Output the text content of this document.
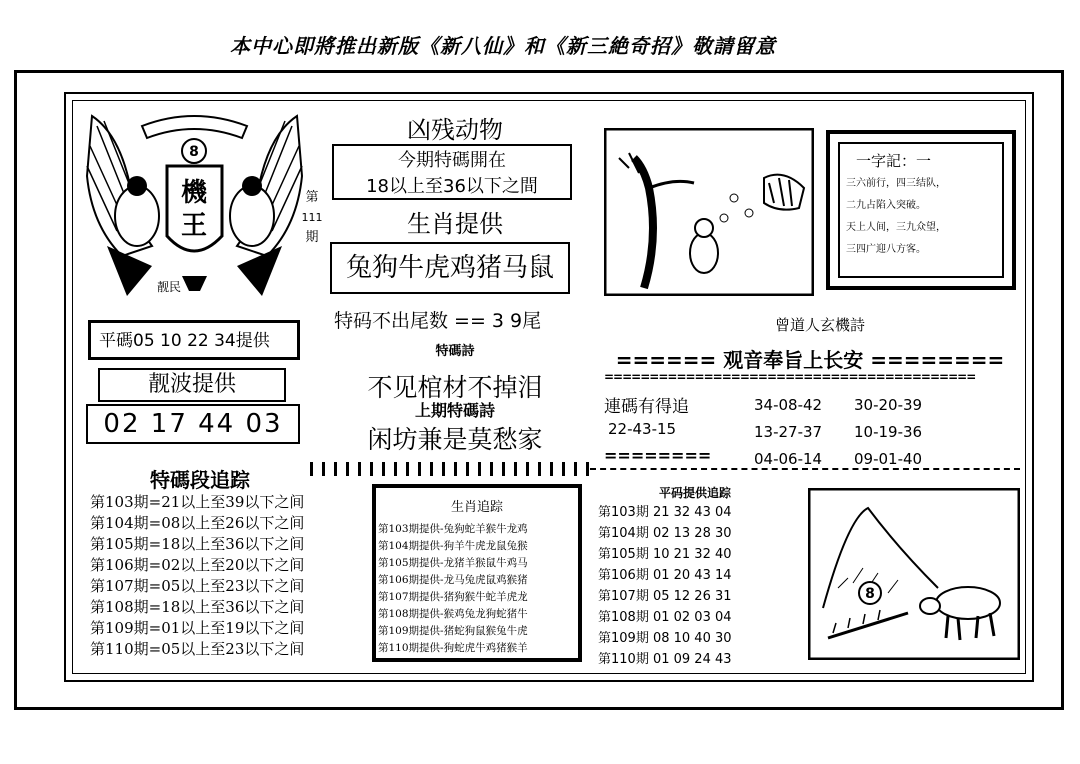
本中心即將推出新版《新八仙》和《新三絶奇招》敬請留意
8
機
王
靓民
第
111
期
平碼05 10 22 34提供
靓波提供
02 17 44 03
凶残动物
今期特碼開在
18以上至36以下之間
生肖提供
兔狗牛虎鸡猪马鼠
特码不出尾数 == 3 9尾
特碼詩
不见棺材不掉泪
上期特碼詩
闲坊兼是莫愁家
一字記：一
三六前行，四三结队，
二九占陷入突破。
天上人间，三九众望，
三四广迎八方客。
曾道人玄機詩
====== 观音奉旨上长安 ========
=========================================
連碼有得追
22-43-15
========
34-08-42 30-20-39
13-27-37 10-19-36
04-06-14 09-01-40
特碼段追踪
第103期=21以上至39以下之间
第104期=08以上至26以下之间
第105期=18以上至36以下之间
第106期=02以上至20以下之间
第107期=05以上至23以下之间
第108期=18以上至36以下之间
第109期=01以上至19以下之间
第110期=05以上至23以下之间
生肖追踪
第103期提供-兔狗蛇羊猴牛龙鸡
第104期提供-狗羊牛虎龙鼠兔猴
第105期提供-龙猪羊猴鼠牛鸡马
第106期提供-龙马兔虎鼠鸡猴猪
第107期提供-猪狗猴牛蛇羊虎龙
第108期提供-猴鸡兔龙狗蛇猪牛
第109期提供-猪蛇狗鼠猴兔牛虎
第110期提供-狗蛇虎牛鸡猪猴羊
平码提供追踪
第103期 21 32 43 04
第104期 02 13 28 30
第105期 10 21 32 40
第106期 01 20 43 14
第107期 05 12 26 31
第108期 01 02 03 04
第109期 08 10 40 30
第110期 01 09 24 43
8
